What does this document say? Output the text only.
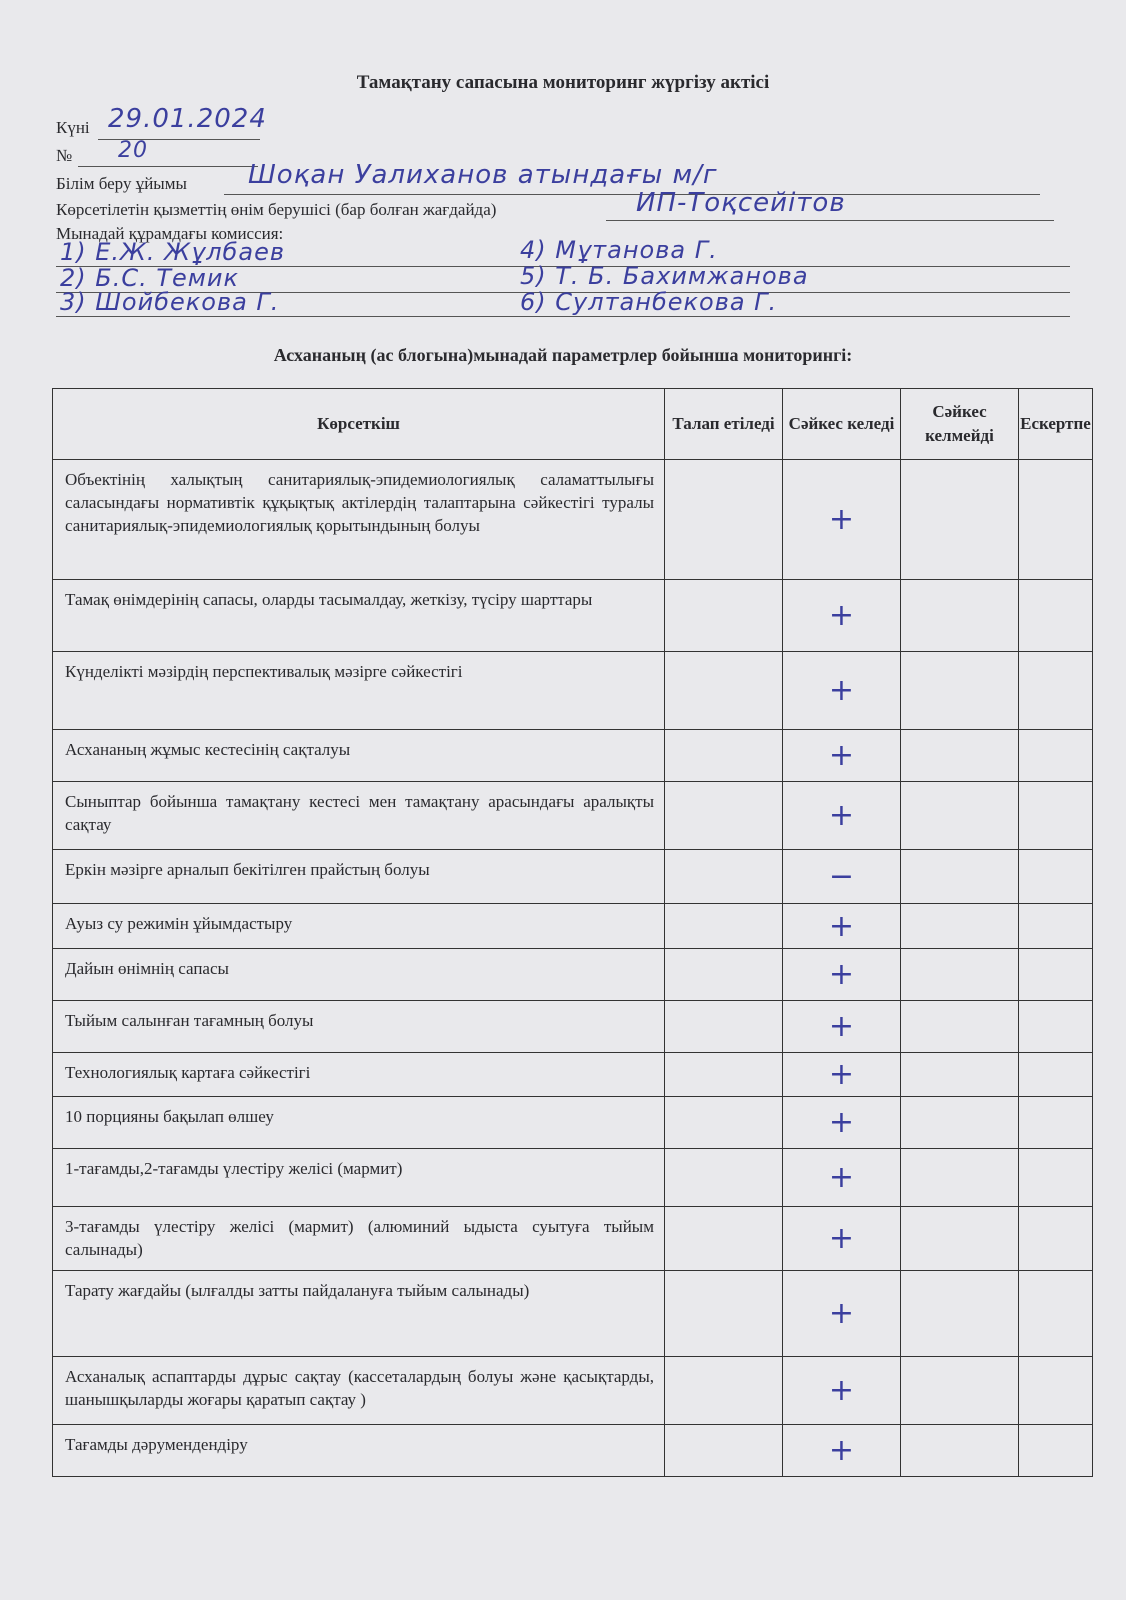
Тамақтану сапасына мониторинг жүргізу актісі
Күні 29.01.2024
№ 20
Білім беру ұйымы Шоқан Уалиханов атындағы м/г
Көрсетілетін қызметтің өнім берушісі (бар болған жағдайда)	ИП-Тоқсейітов
Мынадай құрамдағы комиссия:
1) Е.Ж. Жұлбаев
2) Б.С. Темик
3) Шойбекова Г.
4) Мұтанова Г.
5) Т. Б. Бахимжанова
6) Султанбекова Г.
Асхананың (ас блогына)мынадай параметрлер бойынша мониторингі:
Көрсеткіш	Талап етіледі	Сәйкес келеді	Сәйкес келмейді	Ескертпе
Объектінің халықтың санитариялық-эпидемиологиялық саламаттылығы саласындағы нормативтік құқықтық актілердің талаптарына сәйкестігі туралы санитариялық-эпидемиологиялық қорытындының болуы		+		
Тамақ өнімдерінің сапасы, оларды тасымалдау, жеткізу, түсіру шарттары		+		
Күнделікті мәзірдің перспективалық мәзірге сәйкестігі		+		
Асхананың жұмыс кестесінің сақталуы		+		
Сыныптар бойынша тамақтану кестесі мен тамақтану арасындағы аралықты сақтау		+		
Еркін мәзірге арналып бекітілген прайстың болуы		−		
Ауыз су режимін ұйымдастыру		+		
Дайын өнімнің сапасы		+		
Тыйым салынған тағамның болуы		+		
Технологиялық картаға сәйкестігі		+		
10 порцияны бақылап өлшеу		+		
1-тағамды,2-тағамды үлестіру желісі (мармит)		+		
3-тағамды үлестіру желісі (мармит) (алюминий ыдыста суытуға тыйым салынады)		+		
Тарату жағдайы (ылғалды затты пайдалануға тыйым салынады)		+		
Асханалық аспаптарды дұрыс сақтау (кассеталардың болуы және қасықтарды, шанышқыларды жоғары қаратып сақтау )		+		
Тағамды дәрумендендіру		+		
